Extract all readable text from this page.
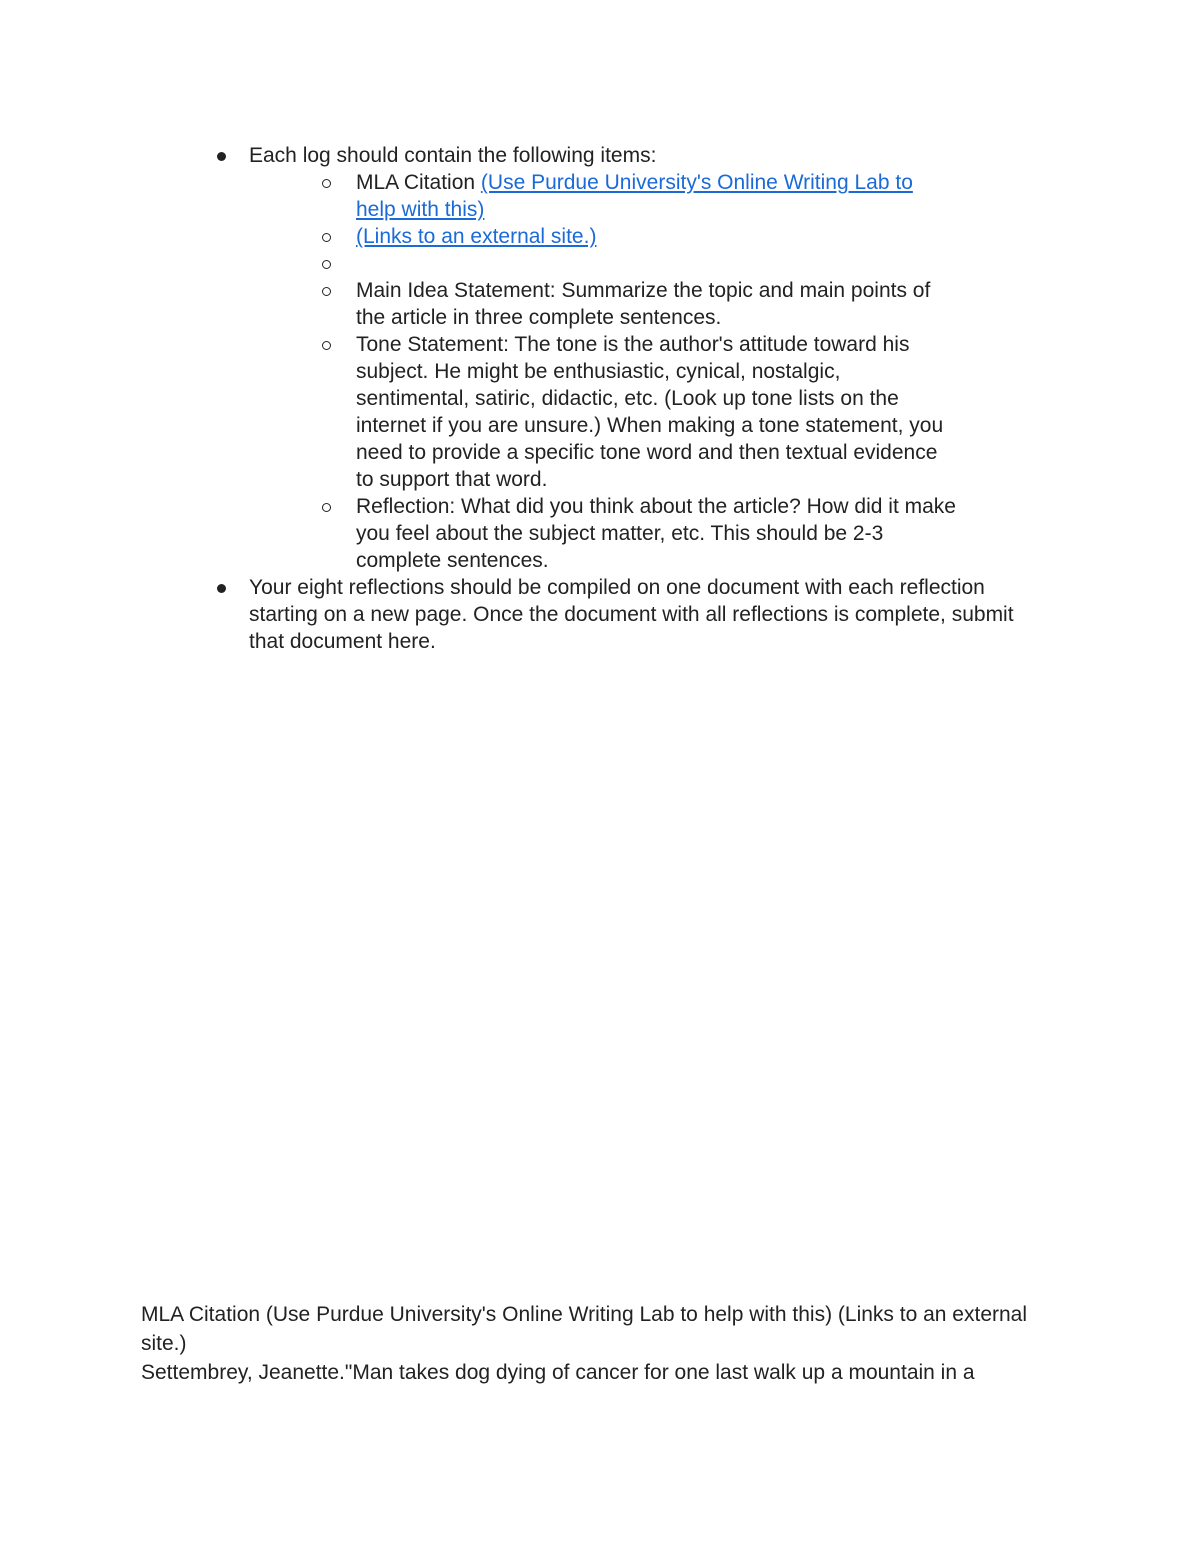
Each log should contain the following items:
MLA Citation (Use Purdue University's Online Writing Lab to help with this)
(Links to an external site.)
Main Idea Statement: Summarize the topic and main points of the article in three complete sentences.
Tone Statement: The tone is the author's attitude toward his subject. He might be enthusiastic, cynical, nostalgic, sentimental, satiric, didactic, etc. (Look up tone lists on the internet if you are unsure.) When making a tone statement, you need to provide a specific tone word and then textual evidence to support that word.
Reflection: What did you think about the article? How did it make you feel about the subject matter, etc. This should be 2-3 complete sentences.
Your eight reflections should be compiled on one document with each reflection starting on a new page. Once the document with all reflections is complete, submit that document here.

MLA Citation (Use Purdue University's Online Writing Lab to help with this) (Links to an external site.)

Settembrey, Jeanette."Man takes dog dying of cancer for one last walk up a mountain in a
